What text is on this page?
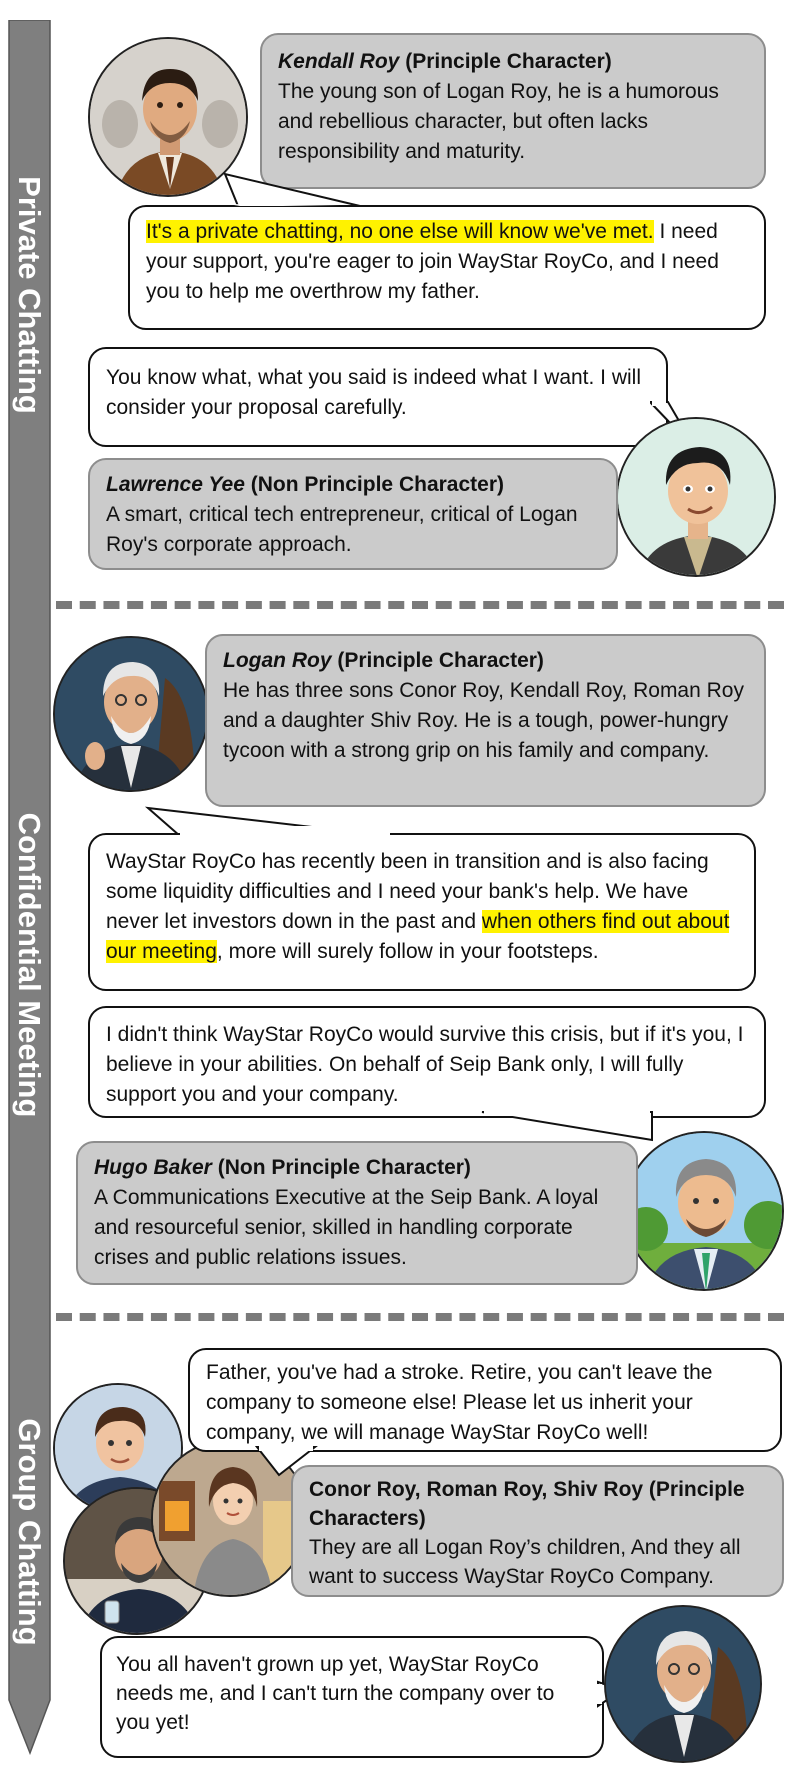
Private Chatting
Confidential Meeting
Group Chatting
Kendall Roy (Principle Character)
The young son of Logan Roy, he is a humorous and rebellious character, but often lacks responsibility and maturity.
It's a private chatting, no one else will know we've met. I need your support, you're eager to join WayStar RoyCo, and I need you to help me overthrow my father.
You know what, what you said is indeed what I want. I will consider your proposal carefully.
Lawrence Yee (Non Principle Character)
A smart, critical tech entrepreneur, critical of Logan Roy's corporate approach.
Logan Roy (Principle Character)
He has three sons Conor Roy, Kendall Roy, Roman Roy and a daughter Shiv Roy. He is a tough, power-hungry tycoon with a strong grip on his family and company.
WayStar RoyCo has recently been in transition and is also facing some liquidity difficulties and I need your bank's help. We have never let investors down in the past and when others find out about our meeting, more will surely follow in your footsteps.
I didn't think WayStar RoyCo would survive this crisis, but if it's you, I believe in your abilities. On behalf of Seip Bank only, I will fully support you and your company.
Hugo Baker (Non Principle Character)
A Communications Executive at the Seip Bank. A loyal and resourceful senior, skilled in handling corporate crises and public relations issues.
Father, you've had a stroke. Retire, you can't leave the company to someone else! Please let us inherit your company, we will manage WayStar RoyCo well!
Conor Roy, Roman Roy, Shiv Roy (Principle Characters)
They are all Logan Roy’s children, And they all want to success WayStar RoyCo Company.
You all haven't grown up yet, WayStar RoyCo needs me, and I can't turn the company over to you yet!
